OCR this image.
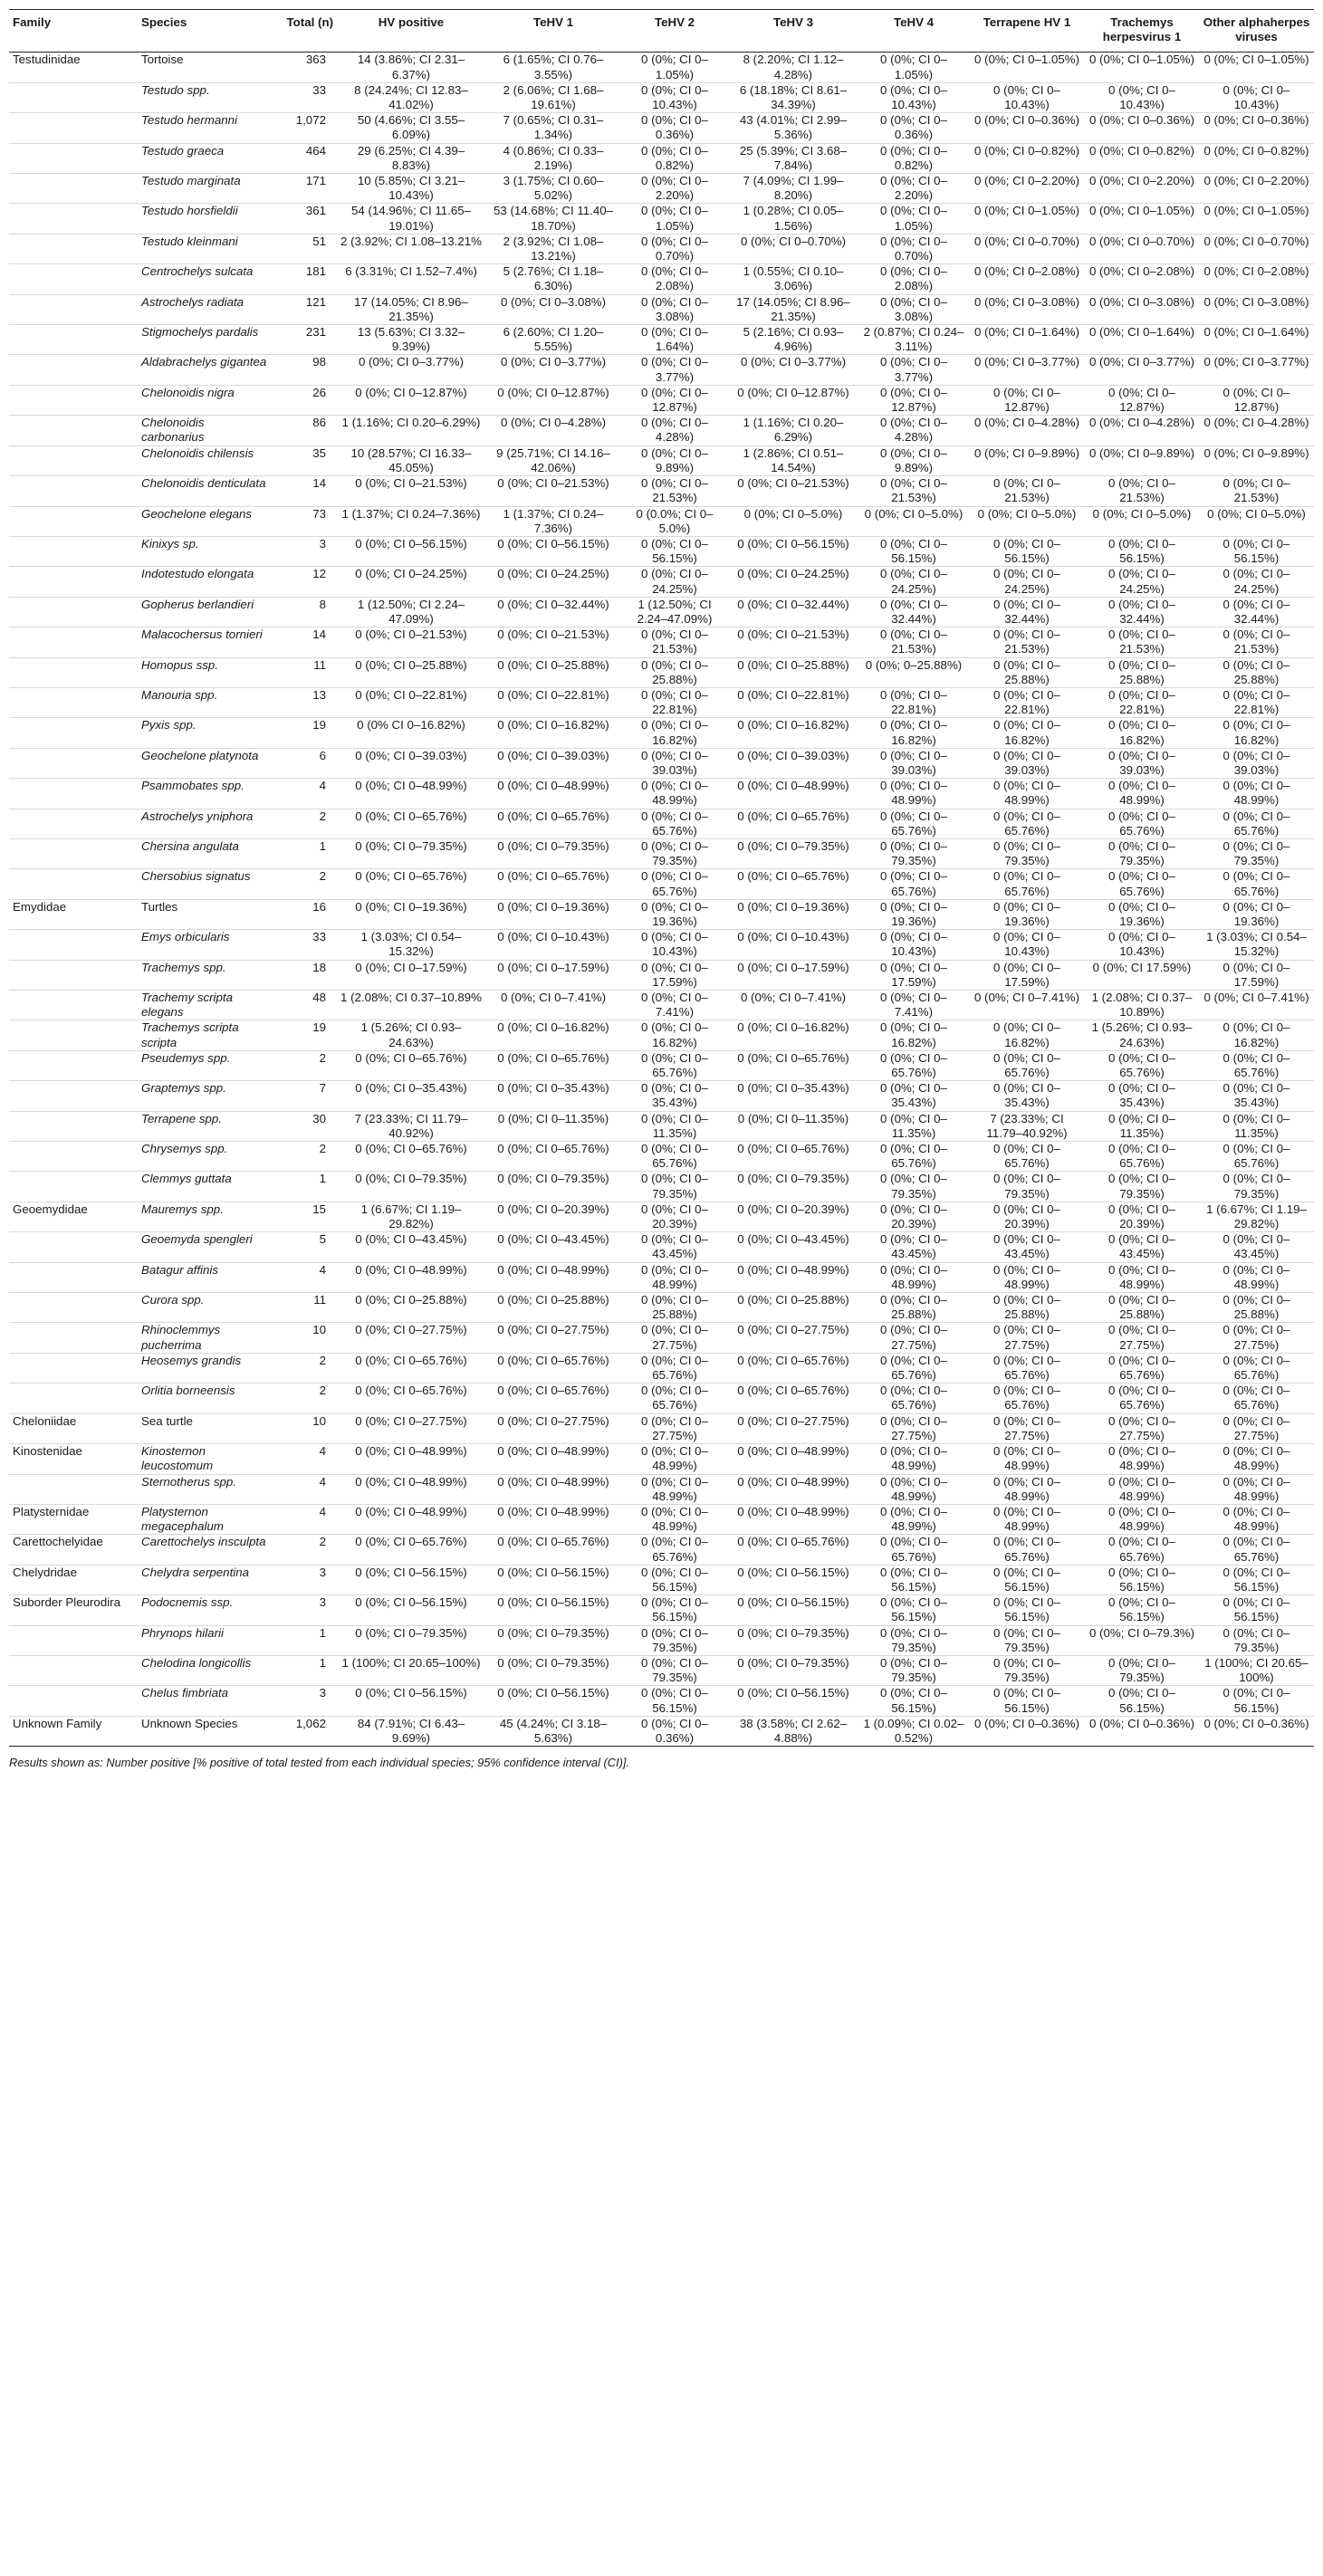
Family	Species	Total (n)	HV positive	TeHV 1	TeHV 2	TeHV 3	TeHV 4	Terrapene HV 1	Trachemys herpesvirus 1	Other alphaherpes viruses
Testudinidae	Tortoise	363	14 (3.86%; CI 2.31–6.37%)	6 (1.65%; CI 0.76–3.55%)	0 (0%; CI 0–1.05%)	8 (2.20%; CI 1.12–4.28%)	0 (0%; CI 0–1.05%)	0 (0%; CI 0–1.05%)	0 (0%; CI 0–1.05%)	0 (0%; CI 0–1.05%)
	Testudo spp.	33	8 (24.24%; CI 12.83–41.02%)	2 (6.06%; CI 1.68–19.61%)	0 (0%; CI 0–10.43%)	6 (18.18%; CI 8.61–34.39%)	0 (0%; CI 0–10.43%)	0 (0%; CI 0–10.43%)	0 (0%; CI 0–10.43%)	0 (0%; CI 0–10.43%)
	Testudo hermanni	1,072	50 (4.66%; CI 3.55–6.09%)	7 (0.65%; CI 0.31–1.34%)	0 (0%; CI 0–0.36%)	43 (4.01%; CI 2.99–5.36%)	0 (0%; CI 0–0.36%)	0 (0%; CI 0–0.36%)	0 (0%; CI 0–0.36%)	0 (0%; CI 0–0.36%)
	Testudo graeca	464	29 (6.25%; CI 4.39–8.83%)	4 (0.86%; CI 0.33–2.19%)	0 (0%; CI 0–0.82%)	25 (5.39%; CI 3.68–7.84%)	0 (0%; CI 0–0.82%)	0 (0%; CI 0–0.82%)	0 (0%; CI 0–0.82%)	0 (0%; CI 0–0.82%)
	Testudo marginata	171	10 (5.85%; CI 3.21–10.43%)	3 (1.75%; CI 0.60–5.02%)	0 (0%; CI 0–2.20%)	7 (4.09%; CI 1.99–8.20%)	0 (0%; CI 0–2.20%)	0 (0%; CI 0–2.20%)	0 (0%; CI 0–2.20%)	0 (0%; CI 0–2.20%)
	Testudo horsfieldii	361	54 (14.96%; CI 11.65–19.01%)	53 (14.68%; CI 11.40–18.70%)	0 (0%; CI 0–1.05%)	1 (0.28%; CI 0.05–1.56%)	0 (0%; CI 0–1.05%)	0 (0%; CI 0–1.05%)	0 (0%; CI 0–1.05%)	0 (0%; CI 0–1.05%)
	Testudo kleinmani	51	2 (3.92%; CI 1.08–13.21%	2 (3.92%; CI 1.08–13.21%)	0 (0%; CI 0–0.70%)	0 (0%; CI 0–0.70%)	0 (0%; CI 0–0.70%)	0 (0%; CI 0–0.70%)	0 (0%; CI 0–0.70%)	0 (0%; CI 0–0.70%)
	Centrochelys sulcata	181	6 (3.31%; CI 1.52–7.4%)	5 (2.76%; CI 1.18–6.30%)	0 (0%; CI 0–2.08%)	1 (0.55%; CI 0.10–3.06%)	0 (0%; CI 0–2.08%)	0 (0%; CI 0–2.08%)	0 (0%; CI 0–2.08%)	0 (0%; CI 0–2.08%)
	Astrochelys radiata	121	17 (14.05%; CI 8.96–21.35%)	0 (0%; CI 0–3.08%)	0 (0%; CI 0–3.08%)	17 (14.05%; CI 8.96–21.35%)	0 (0%; CI 0–3.08%)	0 (0%; CI 0–3.08%)	0 (0%; CI 0–3.08%)	0 (0%; CI 0–3.08%)
	Stigmochelys pardalis	231	13 (5.63%; CI 3.32–9.39%)	6 (2.60%; CI 1.20–5.55%)	0 (0%; CI 0–1.64%)	5 (2.16%; CI 0.93–4.96%)	2 (0.87%; CI 0.24–3.11%)	0 (0%; CI 0–1.64%)	0 (0%; CI 0–1.64%)	0 (0%; CI 0–1.64%)
	Aldabrachelys gigantea	98	0 (0%; CI 0–3.77%)	0 (0%; CI 0–3.77%)	0 (0%; CI 0–3.77%)	0 (0%; CI 0–3.77%)	0 (0%; CI 0–3.77%)	0 (0%; CI 0–3.77%)	0 (0%; CI 0–3.77%)	0 (0%; CI 0–3.77%)
	Chelonoidis nigra	26	0 (0%; CI 0–12.87%)	0 (0%; CI 0–12.87%)	0 (0%; CI 0–12.87%)	0 (0%; CI 0–12.87%)	0 (0%; CI 0–12.87%)	0 (0%; CI 0–12.87%)	0 (0%; CI 0–12.87%)	0 (0%; CI 0–12.87%)
	Chelonoidis carbonarius	86	1 (1.16%; CI 0.20–6.29%)	0 (0%; CI 0–4.28%)	0 (0%; CI 0–4.28%)	1 (1.16%; CI 0.20–6.29%)	0 (0%; CI 0–4.28%)	0 (0%; CI 0–4.28%)	0 (0%; CI 0–4.28%)	0 (0%; CI 0–4.28%)
	Chelonoidis chilensis	35	10 (28.57%; CI 16.33–45.05%)	9 (25.71%; CI 14.16–42.06%)	0 (0%; CI 0–9.89%)	1 (2.86%; CI 0.51–14.54%)	0 (0%; CI 0–9.89%)	0 (0%; CI 0–9.89%)	0 (0%; CI 0–9.89%)	0 (0%; CI 0–9.89%)
	Chelonoidis denticulata	14	0 (0%; CI 0–21.53%)	0 (0%; CI 0–21.53%)	0 (0%; CI 0–21.53%)	0 (0%; CI 0–21.53%)	0 (0%; CI 0–21.53%)	0 (0%; CI 0–21.53%)	0 (0%; CI 0–21.53%)	0 (0%; CI 0–21.53%)
	Geochelone elegans	73	1 (1.37%; CI 0.24–7.36%)	1 (1.37%; CI 0.24–7.36%)	0 (0.0%; CI 0–5.0%)	0 (0%; CI 0–5.0%)	0 (0%; CI 0–5.0%)	0 (0%; CI 0–5.0%)	0 (0%; CI 0–5.0%)	0 (0%; CI 0–5.0%)
	Kinixys sp.	3	0 (0%; CI 0–56.15%)	0 (0%; CI 0–56.15%)	0 (0%; CI 0–56.15%)	0 (0%; CI 0–56.15%)	0 (0%; CI 0–56.15%)	0 (0%; CI 0–56.15%)	0 (0%; CI 0–56.15%)	0 (0%; CI 0–56.15%)
	Indotestudo elongata	12	0 (0%; CI 0–24.25%)	0 (0%; CI 0–24.25%)	0 (0%; CI 0–24.25%)	0 (0%; CI 0–24.25%)	0 (0%; CI 0–24.25%)	0 (0%; CI 0–24.25%)	0 (0%; CI 0–24.25%)	0 (0%; CI 0–24.25%)
	Gopherus berlandieri	8	1 (12.50%; CI 2.24–47.09%)	0 (0%; CI 0–32.44%)	1 (12.50%; CI 2.24–47.09%)	0 (0%; CI 0–32.44%)	0 (0%; CI 0–32.44%)	0 (0%; CI 0–32.44%)	0 (0%; CI 0–32.44%)	0 (0%; CI 0–32.44%)
	Malacochersus tornieri	14	0 (0%; CI 0–21.53%)	0 (0%; CI 0–21.53%)	0 (0%; CI 0–21.53%)	0 (0%; CI 0–21.53%)	0 (0%; CI 0–21.53%)	0 (0%; CI 0–21.53%)	0 (0%; CI 0–21.53%)	0 (0%; CI 0–21.53%)
	Homopus ssp.	11	0 (0%; CI 0–25.88%)	0 (0%; CI 0–25.88%)	0 (0%; CI 0–25.88%)	0 (0%; CI 0–25.88%)	0 (0%; 0–25.88%)	0 (0%; CI 0–25.88%)	0 (0%; CI 0–25.88%)	0 (0%; CI 0–25.88%)
	Manouria spp.	13	0 (0%; CI 0–22.81%)	0 (0%; CI 0–22.81%)	0 (0%; CI 0–22.81%)	0 (0%; CI 0–22.81%)	0 (0%; CI 0–22.81%)	0 (0%; CI 0–22.81%)	0 (0%; CI 0–22.81%)	0 (0%; CI 0–22.81%)
	Pyxis spp.	19	0 (0% CI 0–16.82%)	0 (0%; CI 0–16.82%)	0 (0%; CI 0–16.82%)	0 (0%; CI 0–16.82%)	0 (0%; CI 0–16.82%)	0 (0%; CI 0–16.82%)	0 (0%; CI 0–16.82%)	0 (0%; CI 0–16.82%)
	Geochelone platynota	6	0 (0%; CI 0–39.03%)	0 (0%; CI 0–39.03%)	0 (0%; CI 0–39.03%)	0 (0%; CI 0–39.03%)	0 (0%; CI 0–39.03%)	0 (0%; CI 0–39.03%)	0 (0%; CI 0–39.03%)	0 (0%; CI 0–39.03%)
	Psammobates spp.	4	0 (0%; CI 0–48.99%)	0 (0%; CI 0–48.99%)	0 (0%; CI 0–48.99%)	0 (0%; CI 0–48.99%)	0 (0%; CI 0–48.99%)	0 (0%; CI 0–48.99%)	0 (0%; CI 0–48.99%)	0 (0%; CI 0–48.99%)
	Astrochelys yniphora	2	0 (0%; CI 0–65.76%)	0 (0%; CI 0–65.76%)	0 (0%; CI 0–65.76%)	0 (0%; CI 0–65.76%)	0 (0%; CI 0–65.76%)	0 (0%; CI 0–65.76%)	0 (0%; CI 0–65.76%)	0 (0%; CI 0–65.76%)
	Chersina angulata	1	0 (0%; CI 0–79.35%)	0 (0%; CI 0–79.35%)	0 (0%; CI 0–79.35%)	0 (0%; CI 0–79.35%)	0 (0%; CI 0–79.35%)	0 (0%; CI 0–79.35%)	0 (0%; CI 0–79.35%)	0 (0%; CI 0–79.35%)
	Chersobius signatus	2	0 (0%; CI 0–65.76%)	0 (0%; CI 0–65.76%)	0 (0%; CI 0–65.76%)	0 (0%; CI 0–65.76%)	0 (0%; CI 0–65.76%)	0 (0%; CI 0–65.76%)	0 (0%; CI 0–65.76%)	0 (0%; CI 0–65.76%)
Emydidae	Turtles	16	0 (0%; CI 0–19.36%)	0 (0%; CI 0–19.36%)	0 (0%; CI 0–19.36%)	0 (0%; CI 0–19.36%)	0 (0%; CI 0–19.36%)	0 (0%; CI 0–19.36%)	0 (0%; CI 0–19.36%)	0 (0%; CI 0–19.36%)
	Emys orbicularis	33	1 (3.03%; CI 0.54–15.32%)	0 (0%; CI 0–10.43%)	0 (0%; CI 0–10.43%)	0 (0%; CI 0–10.43%)	0 (0%; CI 0–10.43%)	0 (0%; CI 0–10.43%)	0 (0%; CI 0–10.43%)	1 (3.03%; CI 0.54–15.32%)
	Trachemys spp.	18	0 (0%; CI 0–17.59%)	0 (0%; CI 0–17.59%)	0 (0%; CI 0–17.59%)	0 (0%; CI 0–17.59%)	0 (0%; CI 0–17.59%)	0 (0%; CI 0–17.59%)	0 (0%; CI 17.59%)	0 (0%; CI 0–17.59%)
	Trachemy scripta elegans	48	1 (2.08%; CI 0.37–10.89%	0 (0%; CI 0–7.41%)	0 (0%; CI 0–7.41%)	0 (0%; CI 0–7.41%)	0 (0%; CI 0–7.41%)	0 (0%; CI 0–7.41%)	1 (2.08%; CI 0.37–10.89%)	0 (0%; CI 0–7.41%)
	Trachemys scripta scripta	19	1 (5.26%; CI 0.93–24.63%)	0 (0%; CI 0–16.82%)	0 (0%; CI 0–16.82%)	0 (0%; CI 0–16.82%)	0 (0%; CI 0–16.82%)	0 (0%; CI 0–16.82%)	1 (5.26%; CI 0.93–24.63%)	0 (0%; CI 0–16.82%)
	Pseudemys spp.	2	0 (0%; CI 0–65.76%)	0 (0%; CI 0–65.76%)	0 (0%; CI 0–65.76%)	0 (0%; CI 0–65.76%)	0 (0%; CI 0–65.76%)	0 (0%; CI 0–65.76%)	0 (0%; CI 0–65.76%)	0 (0%; CI 0–65.76%)
	Graptemys spp.	7	0 (0%; CI 0–35.43%)	0 (0%; CI 0–35.43%)	0 (0%; CI 0–35.43%)	0 (0%; CI 0–35.43%)	0 (0%; CI 0–35.43%)	0 (0%; CI 0–35.43%)	0 (0%; CI 0–35.43%)	0 (0%; CI 0–35.43%)
	Terrapene spp.	30	7 (23.33%; CI 11.79–40.92%)	0 (0%; CI 0–11.35%)	0 (0%; CI 0–11.35%)	0 (0%; CI 0–11.35%)	0 (0%; CI 0–11.35%)	7 (23.33%; CI 11.79–40.92%)	0 (0%; CI 0–11.35%)	0 (0%; CI 0–11.35%)
	Chrysemys spp.	2	0 (0%; CI 0–65.76%)	0 (0%; CI 0–65.76%)	0 (0%; CI 0–65.76%)	0 (0%; CI 0–65.76%)	0 (0%; CI 0–65.76%)	0 (0%; CI 0–65.76%)	0 (0%; CI 0–65.76%)	0 (0%; CI 0–65.76%)
	Clemmys guttata	1	0 (0%; CI 0–79.35%)	0 (0%; CI 0–79.35%)	0 (0%; CI 0–79.35%)	0 (0%; CI 0–79.35%)	0 (0%; CI 0–79.35%)	0 (0%; CI 0–79.35%)	0 (0%; CI 0–79.35%)	0 (0%; CI 0–79.35%)
Geoemydidae	Mauremys spp.	15	1 (6.67%; CI 1.19–29.82%)	0 (0%; CI 0–20.39%)	0 (0%; CI 0–20.39%)	0 (0%; CI 0–20.39%)	0 (0%; CI 0–20.39%)	0 (0%; CI 0–20.39%)	0 (0%; CI 0–20.39%)	1 (6.67%; CI 1.19–29.82%)
	Geoemyda spengleri	5	0 (0%; CI 0–43.45%)	0 (0%; CI 0–43.45%)	0 (0%; CI 0–43.45%)	0 (0%; CI 0–43.45%)	0 (0%; CI 0–43.45%)	0 (0%; CI 0–43.45%)	0 (0%; CI 0–43.45%)	0 (0%; CI 0–43.45%)
	Batagur affinis	4	0 (0%; CI 0–48.99%)	0 (0%; CI 0–48.99%)	0 (0%; CI 0–48.99%)	0 (0%; CI 0–48.99%)	0 (0%; CI 0–48.99%)	0 (0%; CI 0–48.99%)	0 (0%; CI 0–48.99%)	0 (0%; CI 0–48.99%)
	Curora spp.	11	0 (0%; CI 0–25.88%)	0 (0%; CI 0–25.88%)	0 (0%; CI 0–25.88%)	0 (0%; CI 0–25.88%)	0 (0%; CI 0–25.88%)	0 (0%; CI 0–25.88%)	0 (0%; CI 0–25.88%)	0 (0%; CI 0–25.88%)
	Rhinoclemmys pucherrima	10	0 (0%; CI 0–27.75%)	0 (0%; CI 0–27.75%)	0 (0%; CI 0–27.75%)	0 (0%; CI 0–27.75%)	0 (0%; CI 0–27.75%)	0 (0%; CI 0–27.75%)	0 (0%; CI 0–27.75%)	0 (0%; CI 0–27.75%)
	Heosemys grandis	2	0 (0%; CI 0–65.76%)	0 (0%; CI 0–65.76%)	0 (0%; CI 0–65.76%)	0 (0%; CI 0–65.76%)	0 (0%; CI 0–65.76%)	0 (0%; CI 0–65.76%)	0 (0%; CI 0–65.76%)	0 (0%; CI 0–65.76%)
	Orlitia borneensis	2	0 (0%; CI 0–65.76%)	0 (0%; CI 0–65.76%)	0 (0%; CI 0–65.76%)	0 (0%; CI 0–65.76%)	0 (0%; CI 0–65.76%)	0 (0%; CI 0–65.76%)	0 (0%; CI 0–65.76%)	0 (0%; CI 0–65.76%)
Cheloniidae	Sea turtle	10	0 (0%; CI 0–27.75%)	0 (0%; CI 0–27.75%)	0 (0%; CI 0–27.75%)	0 (0%; CI 0–27.75%)	0 (0%; CI 0–27.75%)	0 (0%; CI 0–27.75%)	0 (0%; CI 0–27.75%)	0 (0%; CI 0–27.75%)
Kinostenidae	Kinosternon leucostomum	4	0 (0%; CI 0–48.99%)	0 (0%; CI 0–48.99%)	0 (0%; CI 0–48.99%)	0 (0%; CI 0–48.99%)	0 (0%; CI 0–48.99%)	0 (0%; CI 0–48.99%)	0 (0%; CI 0–48.99%)	0 (0%; CI 0–48.99%)
	Sternotherus spp.	4	0 (0%; CI 0–48.99%)	0 (0%; CI 0–48.99%)	0 (0%; CI 0–48.99%)	0 (0%; CI 0–48.99%)	0 (0%; CI 0–48.99%)	0 (0%; CI 0–48.99%)	0 (0%; CI 0–48.99%)	0 (0%; CI 0–48.99%)
Platysternidae	Platysternon megacephalum	4	0 (0%; CI 0–48.99%)	0 (0%; CI 0–48.99%)	0 (0%; CI 0–48.99%)	0 (0%; CI 0–48.99%)	0 (0%; CI 0–48.99%)	0 (0%; CI 0–48.99%)	0 (0%; CI 0–48.99%)	0 (0%; CI 0–48.99%)
Carettochelyidae	Carettochelys insculpta	2	0 (0%; CI 0–65.76%)	0 (0%; CI 0–65.76%)	0 (0%; CI 0–65.76%)	0 (0%; CI 0–65.76%)	0 (0%; CI 0–65.76%)	0 (0%; CI 0–65.76%)	0 (0%; CI 0–65.76%)	0 (0%; CI 0–65.76%)
Chelydridae	Chelydra serpentina	3	0 (0%; CI 0–56.15%)	0 (0%; CI 0–56.15%)	0 (0%; CI 0–56.15%)	0 (0%; CI 0–56.15%)	0 (0%; CI 0–56.15%)	0 (0%; CI 0–56.15%)	0 (0%; CI 0–56.15%)	0 (0%; CI 0–56.15%)
Suborder Pleurodira	Podocnemis ssp.	3	0 (0%; CI 0–56.15%)	0 (0%; CI 0–56.15%)	0 (0%; CI 0–56.15%)	0 (0%; CI 0–56.15%)	0 (0%; CI 0–56.15%)	0 (0%; CI 0–56.15%)	0 (0%; CI 0–56.15%)	0 (0%; CI 0–56.15%)
	Phrynops hilarii	1	0 (0%; CI 0–79.35%)	0 (0%; CI 0–79.35%)	0 (0%; CI 0–79.35%)	0 (0%; CI 0–79.35%)	0 (0%; CI 0–79.35%)	0 (0%; CI 0–79.35%)	0 (0%; CI 0–79.3%)	0 (0%; CI 0–79.35%)
	Chelodina longicollis	1	1 (100%; CI 20.65–100%)	0 (0%; CI 0–79.35%)	0 (0%; CI 0–79.35%)	0 (0%; CI 0–79.35%)	0 (0%; CI 0–79.35%)	0 (0%; CI 0–79.35%)	0 (0%; CI 0–79.35%)	1 (100%; CI 20.65–100%)
	Chelus fimbriata	3	0 (0%; CI 0–56.15%)	0 (0%; CI 0–56.15%)	0 (0%; CI 0–56.15%)	0 (0%; CI 0–56.15%)	0 (0%; CI 0–56.15%)	0 (0%; CI 0–56.15%)	0 (0%; CI 0–56.15%)	0 (0%; CI 0–56.15%)
Unknown Family	Unknown Species	1,062	84 (7.91%; CI 6.43–9.69%)	45 (4.24%; CI 3.18–5.63%)	0 (0%; CI 0–0.36%)	38 (3.58%; CI 2.62–4.88%)	1 (0.09%; CI 0.02–0.52%)	0 (0%; CI 0–0.36%)	0 (0%; CI 0–0.36%)	0 (0%; CI 0–0.36%)
Results shown as: Number positive [% positive of total tested from each individual species; 95% confidence interval (CI)].
